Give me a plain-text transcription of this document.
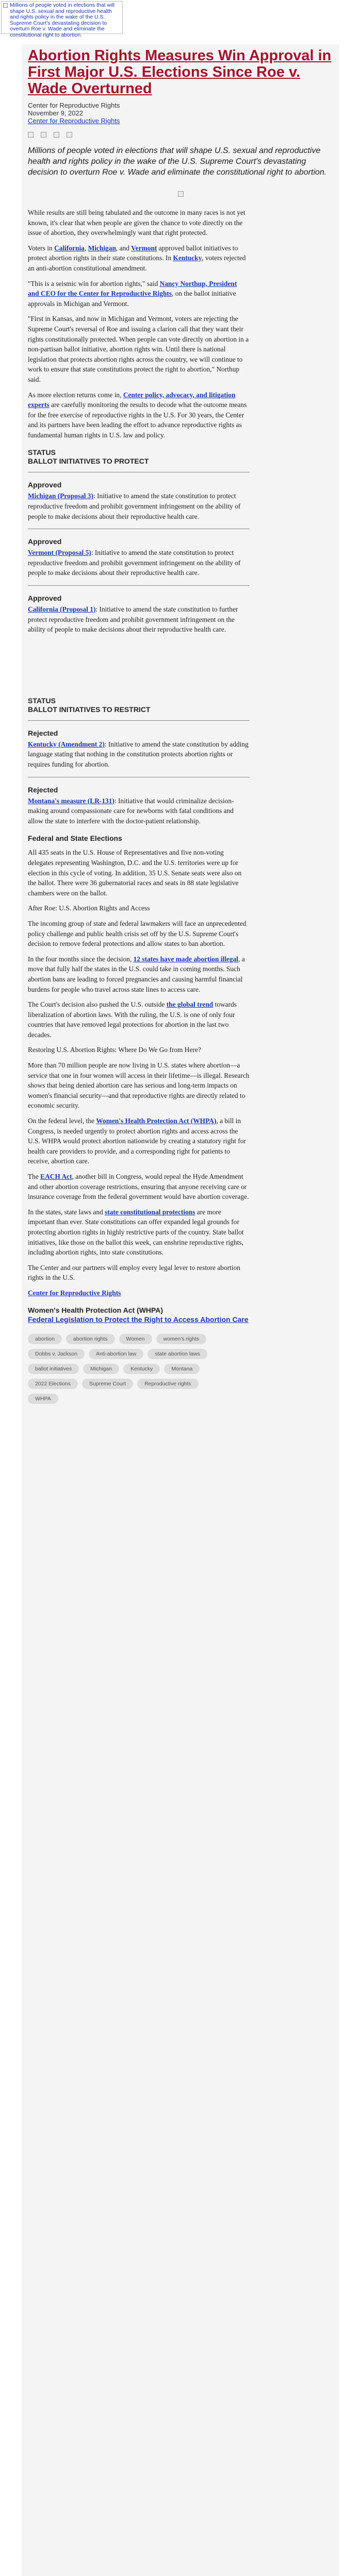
Millions of people voted in elections that will shape U.S. sexual and reproductive health and rights policy in the wake of the U.S. Supreme Court's devastating decision to overturn Roe v. Wade and eliminate the constitutional right to abortion.
Abortion Rights Measures Win Approval in First Major U.S. Elections Since Roe v. Wade Overturned
Center for Reproductive Rights
November 9, 2022
Center for Reproductive Rights

Millions of people voted in elections that will shape U.S. sexual and reproductive health and rights policy in the wake of the U.S. Supreme Court's devastating decision to overturn Roe v. Wade and eliminate the constitutional right to abortion.

While results are still being tabulated and the outcome in many races is not yet known, it's clear that when people are given the chance to vote directly on the issue of abortion, they overwhelmingly want that right protected.

Voters in California, Michigan, and Vermont approved ballot initiatives to protect abortion rights in their state constitutions. In Kentucky, voters rejected an anti-abortion constitutional amendment.

"This is a seismic win for abortion rights," said Nancy Northup, President and CEO for the Center for Reproductive Rights, on the ballot initiative approvals in Michigan and Vermont.

"First in Kansas, and now in Michigan and Vermont, voters are rejecting the Supreme Court's reversal of Roe and issuing a clarion call that they want their rights constitutionally protected. When people can vote directly on abortion in a non-partisan ballot initiative, abortion rights win. Until there is national legislation that protects abortion rights across the country, we will continue to work to ensure that state constitutions protect the right to abortion," Northup said.

As more election returns come in, Center policy, advocacy, and litigation experts are carefully monitoring the results to decode what the outcome means for the free exercise of reproductive rights in the U.S. For 30 years, the Center and its partners have been leading the effort to advance reproductive rights as fundamental human rights in U.S. law and policy.

STATUS
BALLOT INITIATIVES TO PROTECT
Approved
Michigan (Proposal 3): Initiative to amend the state constitution to protect reproductive freedom and prohibit government infringement on the ability of people to make decisions about their reproductive health care.
Approved
Vermont (Proposal 5): Initiative to amend the state constitution to protect reproductive freedom and prohibit government infringement on the ability of people to make decisions about their reproductive health care.
Approved
California (Proposal 1): Initiative to amend the state constitution to further protect reproductive freedom and prohibit government infringement on the ability of people to make decisions about their reproductive health care.
STATUS
BALLOT INITIATIVES TO RESTRICT
Rejected
Kentucky (Amendment 2): Initiative to amend the state constitution by adding language stating that nothing in the constitution protects abortion rights or requires funding for abortion.
Rejected
Montana's measure (LR-131): Initiative that would criminalize decision-making around compassionate care for newborns with fatal conditions and allow the state to interfere with the doctor-patient relationship.
Federal and State Elections

All 435 seats in the U.S. House of Representatives and five non-voting delegates representing Washington, D.C. and the U.S. territories were up for election in this cycle of voting. In addition, 35 U.S. Senate seats were also on the ballot. There were 36 gubernatorial races and seats in 88 state legislative chambers were on the ballot.

After Roe: U.S. Abortion Rights and Access

The incoming group of state and federal lawmakers will face an unprecedented policy challenge and public health crisis set off by the U.S. Supreme Court's decision to remove federal protections and allow states to ban abortion.

In the four months since the decision, 12 states have made abortion illegal, a move that fully half the states in the U.S. could take in coming months. Such abortion bans are leading to forced pregnancies and causing harmful financial burdens for people who travel across state lines to access care.

The Court's decision also pushed the U.S. outside the global trend towards liberalization of abortion laws. With the ruling, the U.S. is one of only four countries that have removed legal protections for abortion in the last two decades.

Restoring U.S. Abortion Rights: Where Do We Go from Here?

More than 70 million people are now living in U.S. states where abortion—a service that one in four women will access in their lifetime—is illegal. Research shows that being denied abortion care has serious and long-term impacts on women's financial security—and that reproductive rights are directly related to economic security.

On the federal level, the Women's Health Protection Act (WHPA), a bill in Congress, is needed urgently to protect abortion rights and access across the U.S. WHPA would protect abortion nationwide by creating a statutory right for health care providers to provide, and a corresponding right for patients to receive, abortion care.

The EACH Act, another bill in Congress, would repeal the Hyde Amendment and other abortion coverage restrictions, ensuring that anyone receiving care or insurance coverage from the federal government would have abortion coverage.

In the states, state laws and state constitutional protections are more important than ever. State constitutions can offer expanded legal grounds for protecting abortion rights in highly restrictive parts of the country. State ballot initiatives, like those on the ballot this week, can enshrine reproductive rights, including abortion rights, into state constitutions.

The Center and our partners will employ every legal lever to restore abortion rights in the U.S.

Center for Reproductive Rights

Women's Health Protection Act (WHPA)
Federal Legislation to Protect the Right to Access Abortion Care
abortion	abortion rights	Women	women's rightsDobbs v. Jackson	Anti-abortion law	state abortion lawsballot initiatives	Michigan	Kentucky	Montana2022 Elections	Supreme Court	Reproductive rightsWHPA
